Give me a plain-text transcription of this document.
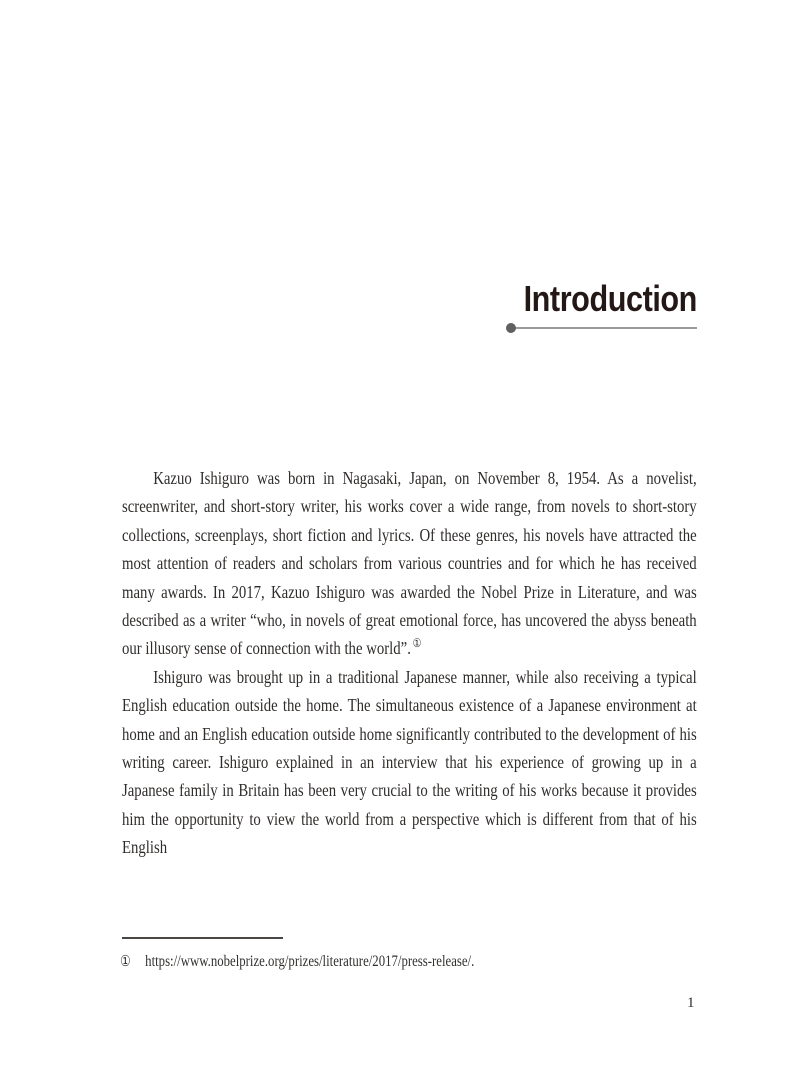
Introduction

Kazuo Ishiguro was born in Nagasaki, Japan, on November 8, 1954. As a novelist, screenwriter, and short-story writer, his works cover a wide range, from novels to short-story collections, screenplays, short fiction and lyrics. Of these genres, his novels have attracted the most attention of readers and scholars from various countries and for which he has received many awards. In 2017, Kazuo Ishiguro was awarded the Nobel Prize in Literature, and was described as a writer “who, in novels of great emotional force, has uncovered the abyss beneath our illusory sense of connection with the world”. ①

Ishiguro was brought up in a traditional Japanese manner, while also receiving a typical English education outside the home. The simultaneous existence of a Japanese environment at home and an English education outside home significantly contributed to the development of his writing career. Ishiguro explained in an interview that his experience of growing up in a Japanese family in Britain has been very crucial to the writing of his works because it provides him the opportunity to view the world from a perspective which is different from that of his English

① https://www.nobelprize.org/prizes/literature/2017/press-release/.
1
